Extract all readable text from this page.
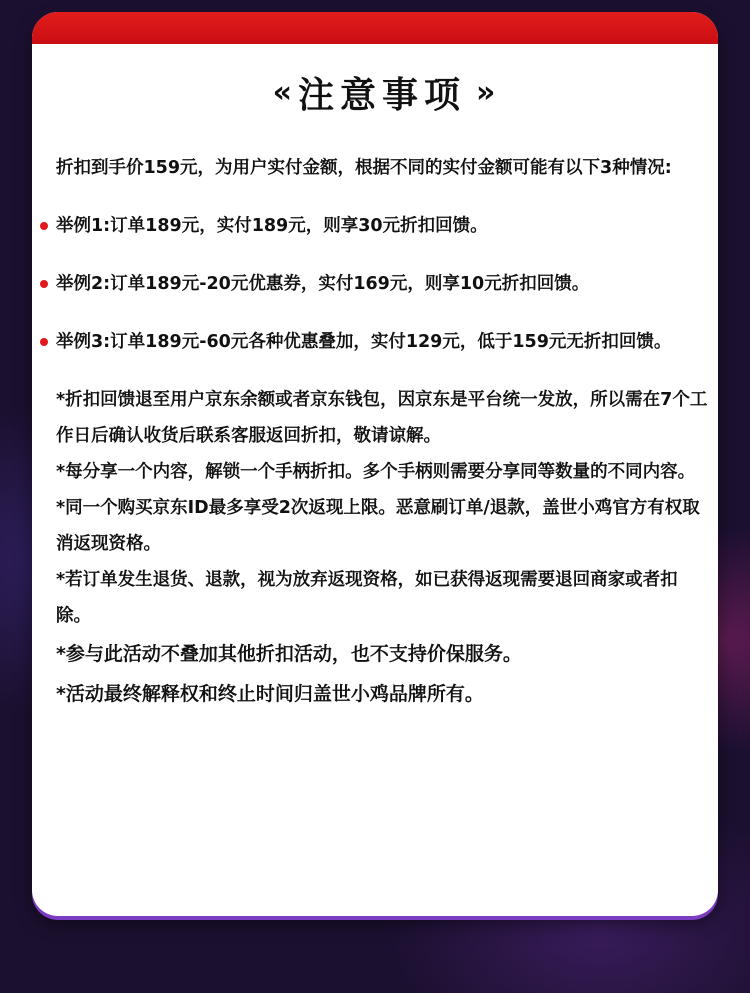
« 注意事项 »

折扣到手价159元，为用户实付金额，根据不同的实付金额可能有以下3种情况:

举例1:订单189元，实付189元，则享30元折扣回馈。

举例2:订单189元-20元优惠券，实付169元，则享10元折扣回馈。

举例3:订单189元-60元各种优惠叠加，实付129元，低于159元无折扣回馈。

*折扣回馈退至用户京东余额或者京东钱包，因京东是平台统一发放，所以需在7个工作日后确认收货后联系客服返回折扣，敬请谅解。

*每分享一个内容，解锁一个手柄折扣。多个手柄则需要分享同等数量的不同内容。

*同一个购买京东ID最多享受2次返现上限。恶意刷订单/退款，盖世小鸡官方有权取消返现资格。

*若订单发生退货、退款，视为放弃返现资格，如已获得返现需要退回商家或者扣除。

*参与此活动不叠加其他折扣活动，也不支持价保服务。

*活动最终解释权和终止时间归盖世小鸡品牌所有。
